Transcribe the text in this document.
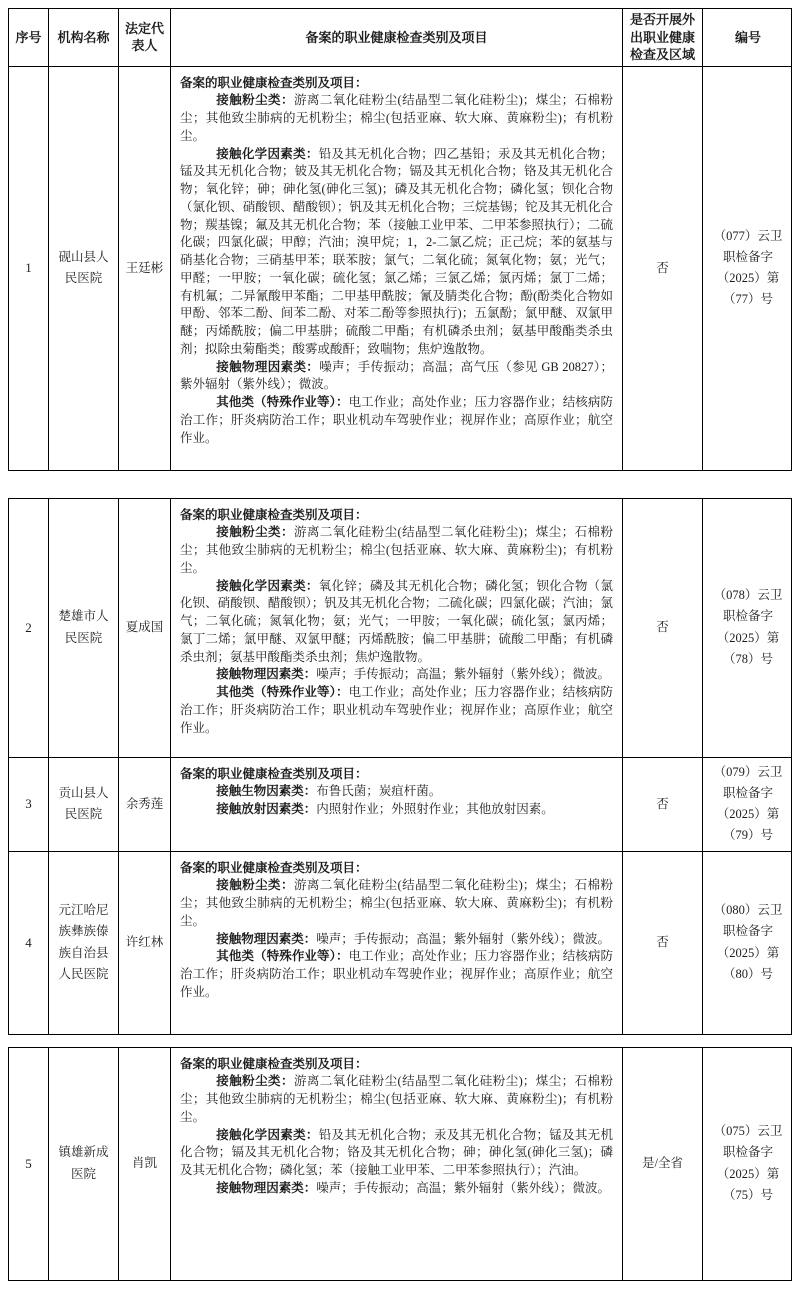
序号	机构名称
法定代表人
备案的职业健康检查类别及项目
是否开展外出职业健康检查及区域
编号
1
砚山县人民医院
王廷彬

备案的职业健康检查类别及项目：

接触粉尘类：游离二氧化硅粉尘(结晶型二氧化硅粉尘)；煤尘；石棉粉尘；其他致尘肺病的无机粉尘；棉尘(包括亚麻、软大麻、黄麻粉尘)；有机粉尘。

接触化学因素类：铅及其无机化合物；四乙基铅；汞及其无机化合物；锰及其无机化合物；铍及其无机化合物；镉及其无机化合物；铬及其无机化合物；氧化锌；砷；砷化氢(砷化三氢)；磷及其无机化合物；磷化氢；钡化合物（氯化钡、硝酸钡、醋酸钡）；钒及其无机化合物；三烷基锡；铊及其无机化合物；羰基镍；氟及其无机化合物；苯（接触工业甲苯、二甲苯参照执行）；二硫化碳；四氯化碳；甲醇；汽油；溴甲烷；1，2-二氯乙烷；正己烷；苯的氨基与硝基化合物；三硝基甲苯；联苯胺；氯气；二氧化硫；氮氧化物；氨；光气；甲醛；一甲胺；一氧化碳；硫化氢；氯乙烯；三氯乙烯；氯丙烯；氯丁二烯；有机氟；二异氰酸甲苯酯；二甲基甲酰胺；氰及腈类化合物；酚(酚类化合物如甲酚、邻苯二酚、间苯二酚、对苯二酚等参照执行)；五氯酚；氯甲醚、双氯甲醚；丙烯酰胺；偏二甲基肼；硫酸二甲酯；有机磷杀虫剂；氨基甲酸酯类杀虫剂；拟除虫菊酯类；酸雾或酸酐；致喘物；焦炉逸散物。

接触物理因素类：噪声；手传振动；高温；高气压（参见 GB 20827）；紫外辐射（紫外线）；微波。

其他类（特殊作业等）：电工作业；高处作业；压力容器作业；结核病防治工作；肝炎病防治工作；职业机动车驾驶作业；视屏作业；高原作业；航空作业。

否
（077）云卫职检备字（2025）第（77）号
2
楚雄市人民医院
夏成国

备案的职业健康检查类别及项目：

接触粉尘类：游离二氧化硅粉尘(结晶型二氧化硅粉尘)；煤尘；石棉粉尘；其他致尘肺病的无机粉尘；棉尘(包括亚麻、软大麻、黄麻粉尘)；有机粉尘。

接触化学因素类：氧化锌；磷及其无机化合物；磷化氢；钡化合物（氯化钡、硝酸钡、醋酸钡）；钒及其无机化合物；二硫化碳；四氯化碳；汽油；氯气；二氧化硫；氮氧化物；氨；光气；一甲胺；一氧化碳；硫化氢；氯丙烯；氯丁二烯；氯甲醚、双氯甲醚；丙烯酰胺；偏二甲基肼；硫酸二甲酯；有机磷杀虫剂；氨基甲酸酯类杀虫剂；焦炉逸散物。

接触物理因素类：噪声；手传振动；高温；紫外辐射（紫外线）；微波。

其他类（特殊作业等）：电工作业；高处作业；压力容器作业；结核病防治工作；肝炎病防治工作；职业机动车驾驶作业；视屏作业；高原作业；航空作业。

否
（078）云卫职检备字（2025）第（78）号
3
贡山县人民医院
余秀莲

备案的职业健康检查类别及项目：

接触生物因素类：布鲁氏菌；炭疽杆菌。

接触放射因素类：内照射作业；外照射作业；其他放射因素。	否
（079）云卫职检备字（2025）第（79）号
4
元江哈尼族彝族傣族自治县人民医院
许红林

备案的职业健康检查类别及项目：

接触粉尘类：游离二氧化硅粉尘(结晶型二氧化硅粉尘)；煤尘；石棉粉尘；其他致尘肺病的无机粉尘；棉尘(包括亚麻、软大麻、黄麻粉尘)；有机粉尘。

接触物理因素类：噪声；手传振动；高温；紫外辐射（紫外线）；微波。

其他类（特殊作业等）：电工作业；高处作业；压力容器作业；结核病防治工作；肝炎病防治工作；职业机动车驾驶作业；视屏作业；高原作业；航空作业。

否
（080）云卫职检备字（2025）第（80）号
5
镇雄新成医院
肖凯

备案的职业健康检查类别及项目：

接触粉尘类：游离二氧化硅粉尘(结晶型二氧化硅粉尘)；煤尘；石棉粉尘；其他致尘肺病的无机粉尘；棉尘(包括亚麻、软大麻、黄麻粉尘)；有机粉尘。

接触化学因素类：铅及其无机化合物；汞及其无机化合物；锰及其无机化合物；镉及其无机化合物；铬及其无机化合物；砷；砷化氢(砷化三氢)；磷及其无机化合物；磷化氢；苯（接触工业甲苯、二甲苯参照执行）；汽油。

接触物理因素类：噪声；手传振动；高温；紫外辐射（紫外线）；微波。

是/全省
（075）云卫职检备字（2025）第（75）号
